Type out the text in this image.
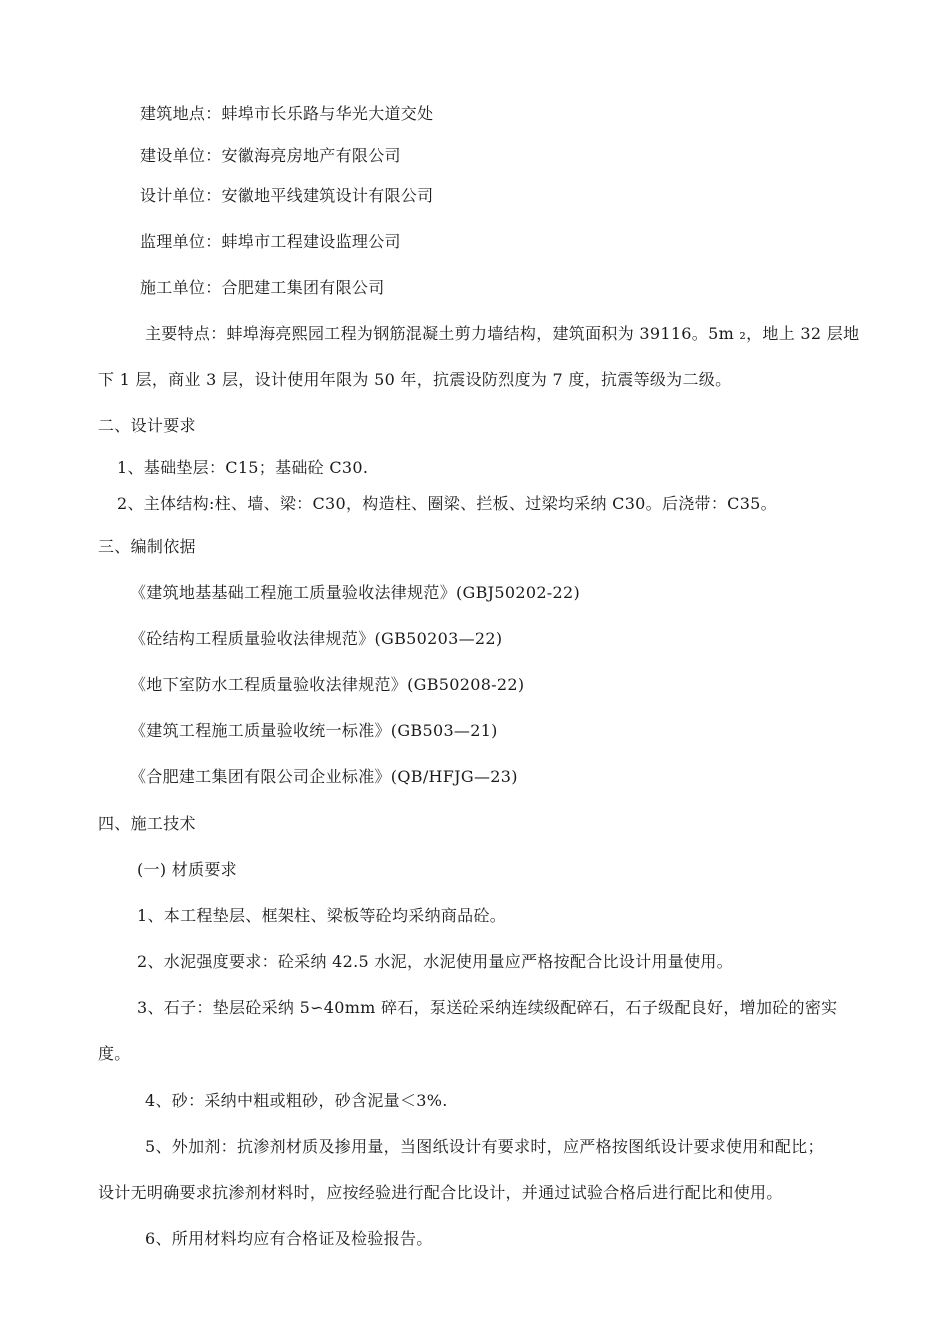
建筑地点：蚌埠市长乐路与华光大道交处
建设单位：安徽海亮房地产有限公司
设计单位：安徽地平线建筑设计有限公司
监理单位：蚌埠市工程建设监理公司
施工单位：合肥建工集团有限公司
主要特点：蚌埠海亮熙园工程为钢筋混凝土剪力墙结构，建筑面积为 39116。5m ₂，地上 32 层地
下 1 层，商业 3 层，设计使用年限为 50 年，抗震设防烈度为 7 度，抗震等级为二级。
二、设计要求
1、基础垫层：C15；基础砼 C30.
2、主体结构:柱、墙、梁：C30，构造柱、圈梁、拦板、过梁均采纳 C30。后浇带：C35。
三、编制依据
《建筑地基基础工程施工质量验收法律规范》(GBJ50202-22)
《砼结构工程质量验收法律规范》(GB50203—22)
《地下室防水工程质量验收法律规范》(GB50208-22)
《建筑工程施工质量验收统一标准》(GB503—21)
《合肥建工集团有限公司企业标准》(QB/HFJG—23)
四、施工技术
(一) 材质要求
1、本工程垫层、框架柱、梁板等砼均采纳商品砼。
2、水泥强度要求：砼采纳 42.5 水泥，水泥使用量应严格按配合比设计用量使用。
3、石子：垫层砼采纳 5∽40mm 碎石，泵送砼采纳连续级配碎石，石子级配良好，增加砼的密实
度。
4、砂：采纳中粗或粗砂，砂含泥量＜3%.
5、外加剂：抗渗剂材质及掺用量，当图纸设计有要求时，应严格按图纸设计要求使用和配比；
设计无明确要求抗渗剂材料时，应按经验进行配合比设计，并通过试验合格后进行配比和使用。
6、所用材料均应有合格证及检验报告。
